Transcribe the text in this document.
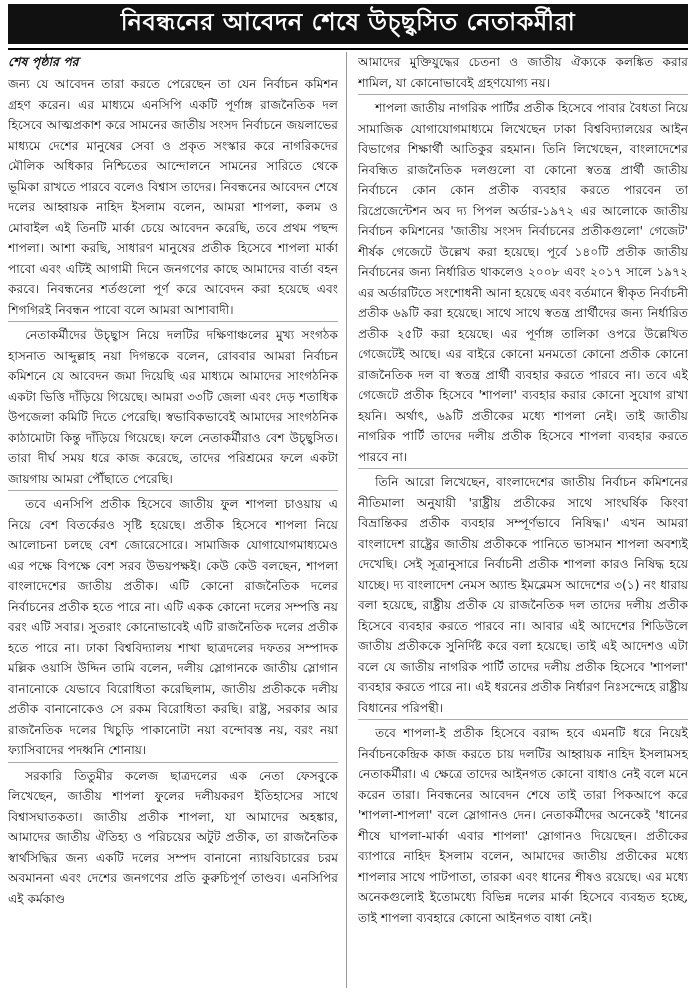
নিবন্ধনের আবেদন শেষে উচ্ছ্বসিত নেতাকর্মীরা
শেষ পৃষ্ঠার পর

জন্য যে আবেদন তারা করতে পেরেছেন তা যেন নির্বাচন কমিশন গ্রহণ করেন। এর মাধ্যমে এনসিপি একটি পূর্ণাঙ্গ রাজনৈতিক দল হিসেবে আত্মপ্রকাশ করে সামনের জাতীয় সংসদ নির্বাচনে জয়লাভের মাধ্যমে দেশের মানুষের সেবা ও প্রকৃত সংস্কার করে নাগরিকদের মৌলিক অধিকার নিশ্চিতের আন্দোলনে সামনের সারিতে থেকে ভূমিকা রাখতে পারবে বলেও বিশ্বাস তাদের। নিবন্ধনের আবেদন শেষে দলের আহ্বায়ক নাহিদ ইসলাম বলেন, আমরা শাপলা, কলম ও মোবাইল এই তিনটি মার্কা চেয়ে আবেদন করেছি, তবে প্রথম পছন্দ শাপলা। আশা করছি, সাধারণ মানুষের প্রতীক হিসেবে শাপলা মার্কা পাবো এবং এটিই আগামী দিনে জনগণের কাছে আমাদের বার্তা বহন করবে। নিবন্ধনের শর্তগুলো পূর্ণ করে আবেদন করা হয়েছে এবং শিগগিরই নিবন্ধন পাবো বলে আমরা আশাবাদী।

নেতাকর্মীদের উচ্ছ্বাস নিয়ে দলটির দক্ষিণাঞ্চলের মুখ্য সংগঠক হাসনাত আব্দুল্লাহ নয়া দিগন্তকে বলেন, রোববার আমরা নির্বাচন কমিশনে যে আবেদন জমা দিয়েছি এর মাধ্যমে আমাদের সাংগঠনিক একটা ভিত্তি দাঁড়িয়ে গিয়েছে। আমরা ৩৩টি জেলা এবং দেড় শতাধিক উপজেলা কমিটি দিতে পেরেছি। স্বভাবিকভাবেই আমাদের সাংগঠনিক কাঠামোটা কিন্তু দাঁড়িয়ে গিয়েছে। ফলে নেতাকর্মীরাও বেশ উচ্ছ্বসিত। তারা দীর্ঘ সময় ধরে কাজ করেছে, তাদের পরিশ্রমের ফলে একটা জায়গায় আমরা পৌঁছাতে পেরেছি।

তবে এনসিপি প্রতীক হিসেবে জাতীয় ফুল শাপলা চাওয়ায় এ নিয়ে বেশ বিতর্কেরও সৃষ্টি হয়েছে। প্রতীক হিসেবে শাপলা নিয়ে আলোচনা চলছে বেশ জোরেসোরে। সামাজিক যোগাযোগমাধ্যমেও এর পক্ষে বিপক্ষে বেশ সরব উভয়পক্ষই। কেউ কেউ বলছেন, শাপলা বাংলাদেশের জাতীয় প্রতীক। এটি কোনো রাজনৈতিক দলের নির্বাচনের প্রতীক হতে পারে না। এটি একক কোনো দলের সম্পত্তি নয় বরং এটি সবার। সুতরাং কোনোভাবেই এটি রাজনৈতিক দলের প্রতীক হতে পারে না। ঢাকা বিশ্ববিদ্যালয় শাখা ছাত্রদলের দফতর সম্পাদক মল্লিক ওয়াসি উদ্দিন তামি বলেন, দলীয় স্লোগানকে জাতীয় স্লোগান বানানোকে যেভাবে বিরোধিতা করেছিলাম, জাতীয় প্রতীককে দলীয় প্রতীক বানানোকেও সে রকম বিরোধিতা করছি। রাষ্ট্র, সরকার আর রাজনৈতিক দলের খিচুড়ি পাকানোটা নয়া বন্দোবস্ত নয়, বরং নয়া ফ্যাসিবাদের পদধ্বনি শোনায়।

সরকারি তিতুমীর কলেজ ছাত্রদলের এক নেতা ফেসবুকে লিখেছেন, জাতীয় শাপলা ফুলের দলীয়করণ ইতিহাসের সাথে বিশ্বাসঘাতকতা। জাতীয় প্রতীক শাপলা, যা আমাদের অহঙ্কার, আমাদের জাতীয় ঐতিহ্য ও পরিচয়ের অটুট প্রতীক, তা রাজনৈতিক স্বার্থসিদ্ধির জন্য একটি দলের সম্পদ বানানো ন্যায়বিচারের চরম অবমাননা এবং দেশের জনগণের প্রতি কুরুচিপূর্ণ তাণ্ডব। এনসিপির এই কর্মকাণ্ড

আমাদের মুক্তিযুদ্ধের চেতনা ও জাতীয় ঐক্যকে কলঙ্কিত করার শামিল, যা কোনোভাবেই গ্রহণযোগ্য নয়।

শাপলা জাতীয় নাগরিক পার্টির প্রতীক হিসেবে পাবার বৈধতা নিয়ে সামাজিক যোগাযোগমাধ্যমে লিখেছেন ঢাকা বিশ্ববিদ্যালয়ের আইন বিভাগের শিক্ষার্থী আতিকুর রহমান। তিনি লিখেছেন, বাংলাদেশের নিবন্ধিত রাজনৈতিক দলগুলো বা কোনো স্বতন্ত্র প্রার্থী জাতীয় নির্বাচনে কোন কোন প্রতীক ব্যবহার করতে পারবেন তা রিপ্রেজেন্টেশন অব দ্য পিপল অর্ডার-১৯৭২ এর আলোকে জাতীয় নির্বাচন কমিশনের 'জাতীয় সংসদ নির্বাচনের প্রতীকগুলো' গেজেট' শীর্ষক গেজেটে উল্লেখ করা হয়েছে। পূর্বে ১৪০টি প্রতীক জাতীয় নির্বাচনের জন্য নির্ধারিত থাকলেও ২০০৮ এবং ২০১৭ সালে ১৯৭২ এর অর্ডারটিতে সংশোধনী আনা হয়েছে এবং বর্তমানে স্বীকৃত নির্বাচনী প্রতীক ৬৯টি করা হয়েছে। সাথে সাথে স্বতন্ত্র প্রার্থীদের জন্য নির্ধারিত প্রতীক ২৫টি করা হয়েছে। এর পূর্ণাঙ্গ তালিকা ওপরে উল্লেখিত গেজেটেই আছে। এর বাইরে কোনো মনমতো কোনো প্রতীক কোনো রাজনৈতিক দল বা স্বতন্ত্র প্রার্থী ব্যবহার করতে পারবে না। তবে এই গেজেটে প্রতীক হিসেবে 'শাপলা' ব্যবহার করার কোনো সুযোগ রাখা হয়নি। অর্থাৎ, ৬৯টি প্রতীকের মধ্যে শাপলা নেই। তাই জাতীয় নাগরিক পার্টি তাদের দলীয় প্রতীক হিসেবে শাপলা ব্যবহার করতে পারবে না।

তিনি আরো লিখেছেন, বাংলাদেশের জাতীয় নির্বাচন কমিশনের নীতিমালা অনুযায়ী 'রাষ্ট্রীয় প্রতীকের সাথে সাংঘর্ষিক কিংবা বিভ্রান্তিকর প্রতীক ব্যবহার সম্পূর্ণভাবে নিষিদ্ধ।' এখন আমরা বাংলাদেশ রাষ্ট্রের জাতীয় প্রতীককে পানিতে ভাসমান শাপলা অবশ্যই দেখেছি। সেই সূত্রানুসারে নির্বাচনী প্রতীক শাপলা কারও নিষিদ্ধ হয়ে যাচ্ছে। দ্য বাংলাদেশ নেমস অ্যান্ড ইমব্লেমস আদেশের ৩(১) নং ধারায় বলা হয়েছে, রাষ্ট্রীয় প্রতীক যে রাজনৈতিক দল তাদের দলীয় প্রতীক হিসেবে ব্যবহার করতে পারবে না। আবার এই আদেশের শিডিউলে জাতীয় প্রতীককে সুনির্দিষ্ট করে বলা হয়েছে। তাই এই আদেশও এটা বলে যে জাতীয় নাগরিক পার্টি তাদের দলীয় প্রতীক হিসেবে 'শাপলা' ব্যবহার করতে পারে না। এই ধরনের প্রতীক নির্ধারণ নিঃসন্দেহে রাষ্ট্রীয় বিধানের পরিপন্থী।

তবে শাপলা-ই প্রতীক হিসেবে বরাদ্দ হবে এমনটি ধরে নিয়েই নির্বাচনকেন্দ্রিক কাজ করতে চায় দলটির আহ্বায়ক নাহিদ ইসলামসহ নেতাকর্মীরা। এ ক্ষেত্রে তাদের আইনগত কোনো বাধাও নেই বলে মনে করেন তারা। নিবন্ধনের আবেদন শেষে তাই তারা পিকআপে করে 'শাপলা-শাপলা' বলে স্লোগানও দেন। নেতাকর্মীদের অনেকেই 'ধানের শীষে ঘাপলা-মার্কা এবার শাপলা' স্লোগানও দিয়েছেন। প্রতীকের ব্যাপারে নাহিদ ইসলাম বলেন, আমাদের জাতীয় প্রতীকের মধ্যে শাপলার সাথে পাটপাতা, তারকা এবং ধানের শীষও রয়েছে। এর মধ্যে অনেকগুলোই ইতোমধ্যে বিভিন্ন দলের মার্কা হিসেবে ব্যবহৃত হচ্ছে, তাই শাপলা ব্যবহারে কোনো আইনগত বাধা নেই।
